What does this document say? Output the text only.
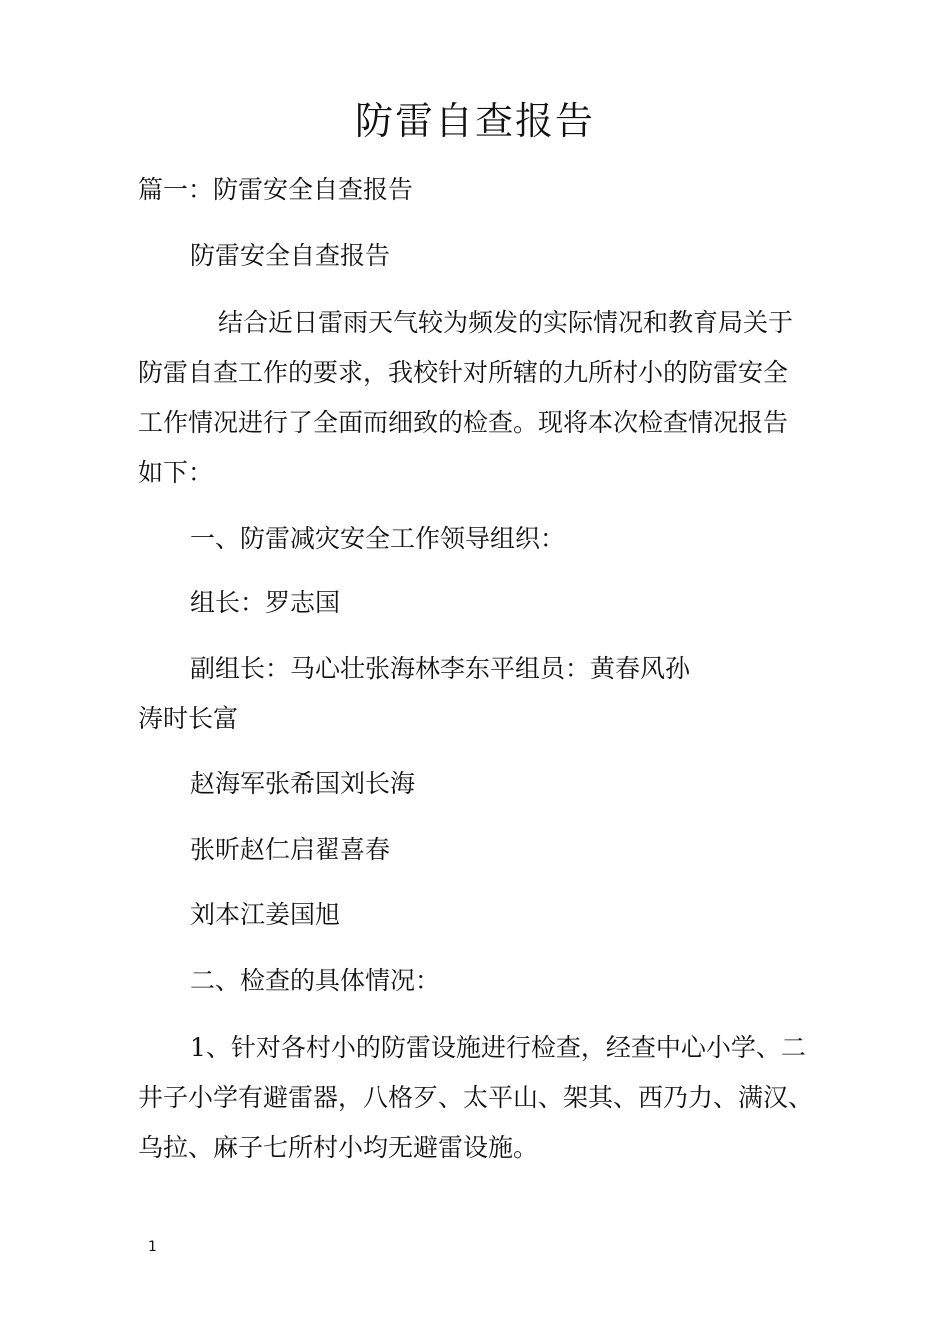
防雷自查报告
篇一：防雷安全自查报告
防雷安全自查报告
结合近日雷雨天气较为频发的实际情况和教育局关于
防雷自查工作的要求，我校针对所辖的九所村小的防雷安全
工作情况进行了全面而细致的检查。现将本次检查情况报告
如下：
一、防雷减灾安全工作领导组织：
组长：罗志国
副组长：马心壮张海林李东平组员：黄春风孙
涛时长富
赵海军张希国刘长海
张昕赵仁启翟喜春
刘本江姜国旭
二、检查的具体情况：
1、针对各村小的防雷设施进行检查，经查中心小学、二
井子小学有避雷器，八格歹、太平山、架其、西乃力、满汉、
乌拉、麻子七所村小均无避雷设施。
1
